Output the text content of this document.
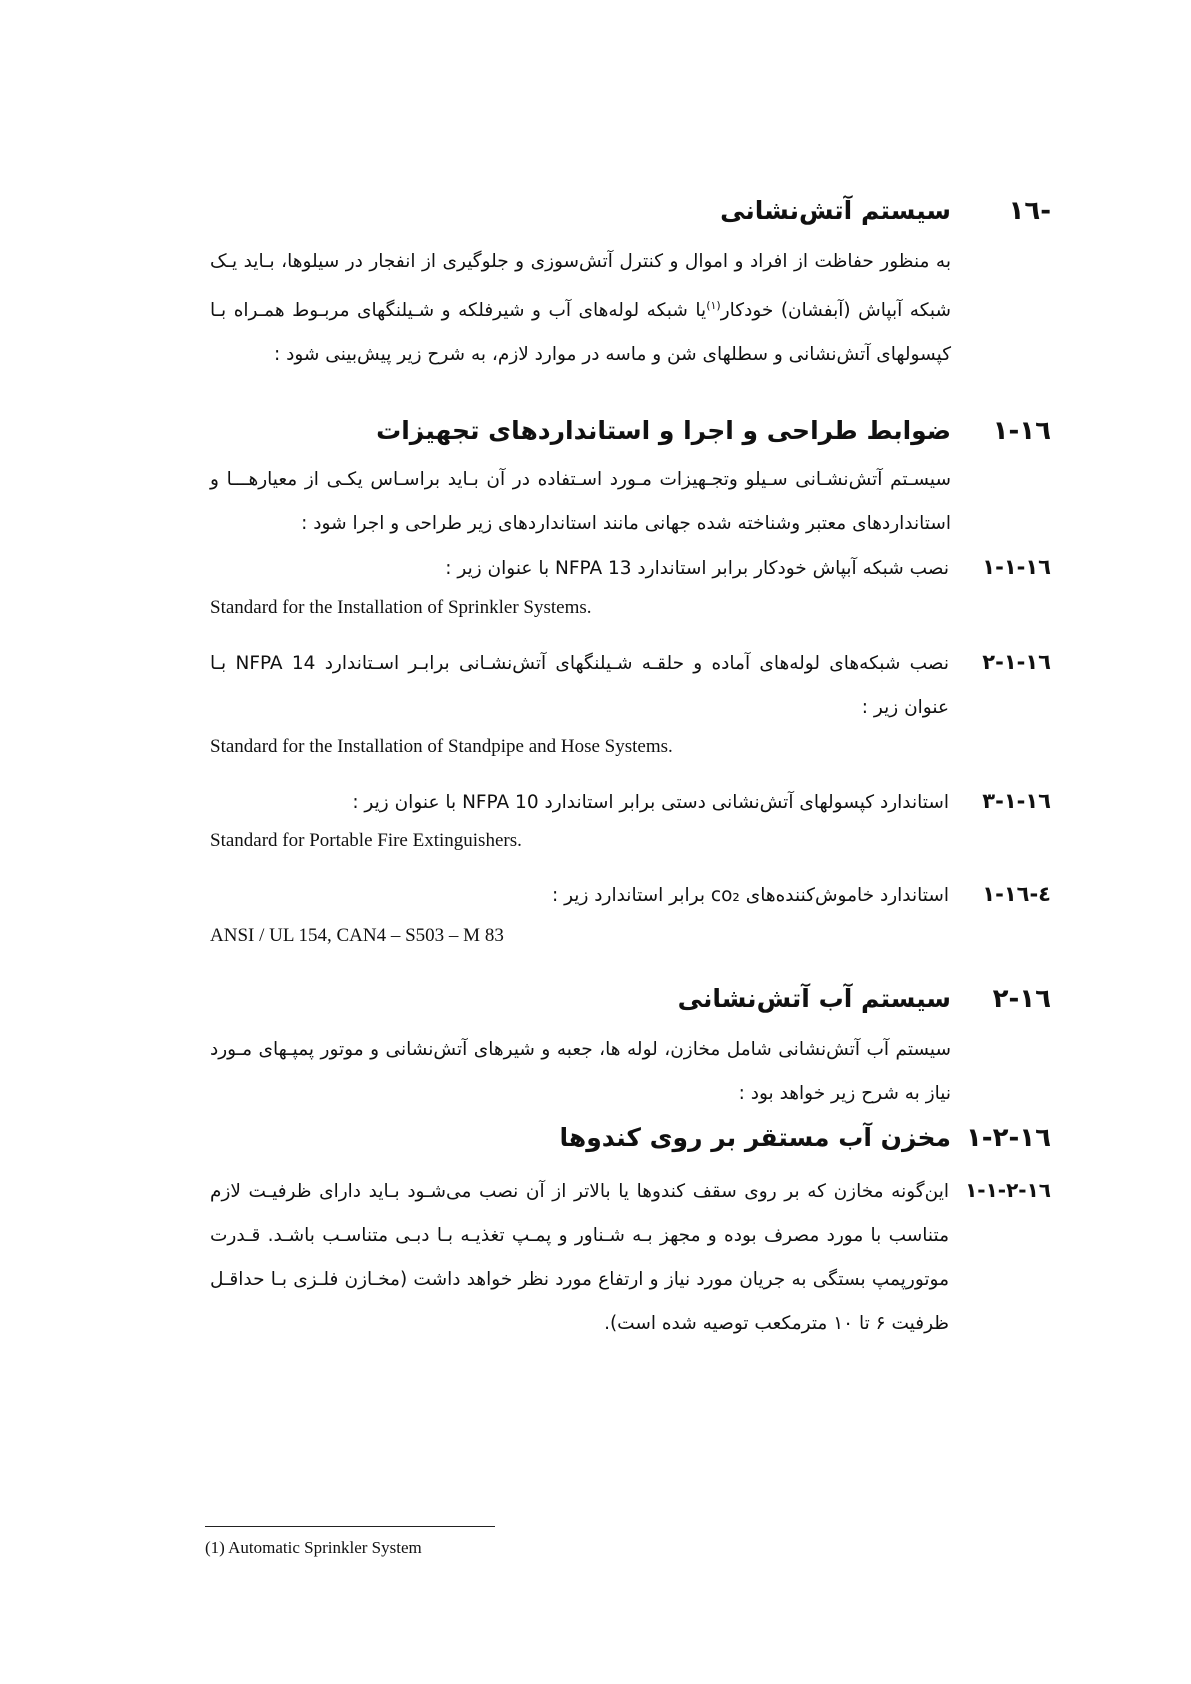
-۱٦
سیستم آتش‌نشانی
به منظور حفاظت از افراد و اموال و کنترل آتش‌سوزی و جلوگیری از انفجار در سیلوها، بـاید یـک شبکه آبپاش (آبفشان) خودکار$^{(۱)}$یا شبکه لوله‌های آب و شیرفلکه و شـیلنگهای مربـوط همـراه بـا کپسولهای آتش‌نشانی و سطلهای شن و ماسه در موارد لازم، به شرح زیر پیش‌بینی شود :
۱-۱٦
ضوابط طراحی و اجرا و استانداردهای تجهیزات
سیسـتم آتش‌نشـانی سـیلو وتجـهیزات مـورد اسـتفاده در آن بـاید براسـاس یکـی از معیارهـــا و استانداردهای معتبر وشناخته شده جهانی مانند استانداردهای زیر طراحی و اجرا شود :
۱-۱-۱٦
نصب شبکه آبپاش خودکار برابر استاندارد NFPA 13 با عنوان زیر :
Standard for the Installation of Sprinkler Systems.
۲-۱-۱٦
نصب شبکه‌های لوله‌های آماده و حلقـه شـیلنگهای آتش‌نشـانی برابـر اسـتاندارد NFPA 14 بـا عنوان زیر :
Standard for the Installation of Standpipe and Hose Systems.
۳-۱-۱٦
استاندارد کپسولهای آتش‌نشانی دستی برابر استاندارد NFPA 10 با عنوان زیر :
Standard for Portable Fire Extinguishers.
٤-۱-۱٦
استاندارد خاموش‌کننده‌های co₂ برابر استاندارد زیر :
ANSI / UL 154, CAN4 – S503 – M 83
۲-۱٦
سیستم آب آتش‌نشانی
سیستم آب آتش‌نشانی شامل مخازن، لوله ها، جعبه و شیرهای آتش‌نشانی و موتور پمپـهای مـورد نیاز به شرح زیر خواهد بود :
۱-۲-۱٦
مخزن آب مستقر بر روی کندوها
۱-۱-۲-۱٦
این‌گونه مخازن که بر روی سقف کندوها یا بالاتر از آن نصب می‌شـود بـاید دارای ظرفیـت لازم متناسب با مورد مصرف بوده و مجهز بـه شـناور و پمـپ تغذیـه بـا دبـی متناسـب باشـد. قـدرت موتورپمپ بستگی به جریان مورد نیاز و ارتفاع مورد نظر خواهد داشت (مخـازن فلـزی بـا حداقـل ظرفیت ۶ تا ۱۰ مترمکعب توصیه شده است).
(1) Automatic Sprinkler System
